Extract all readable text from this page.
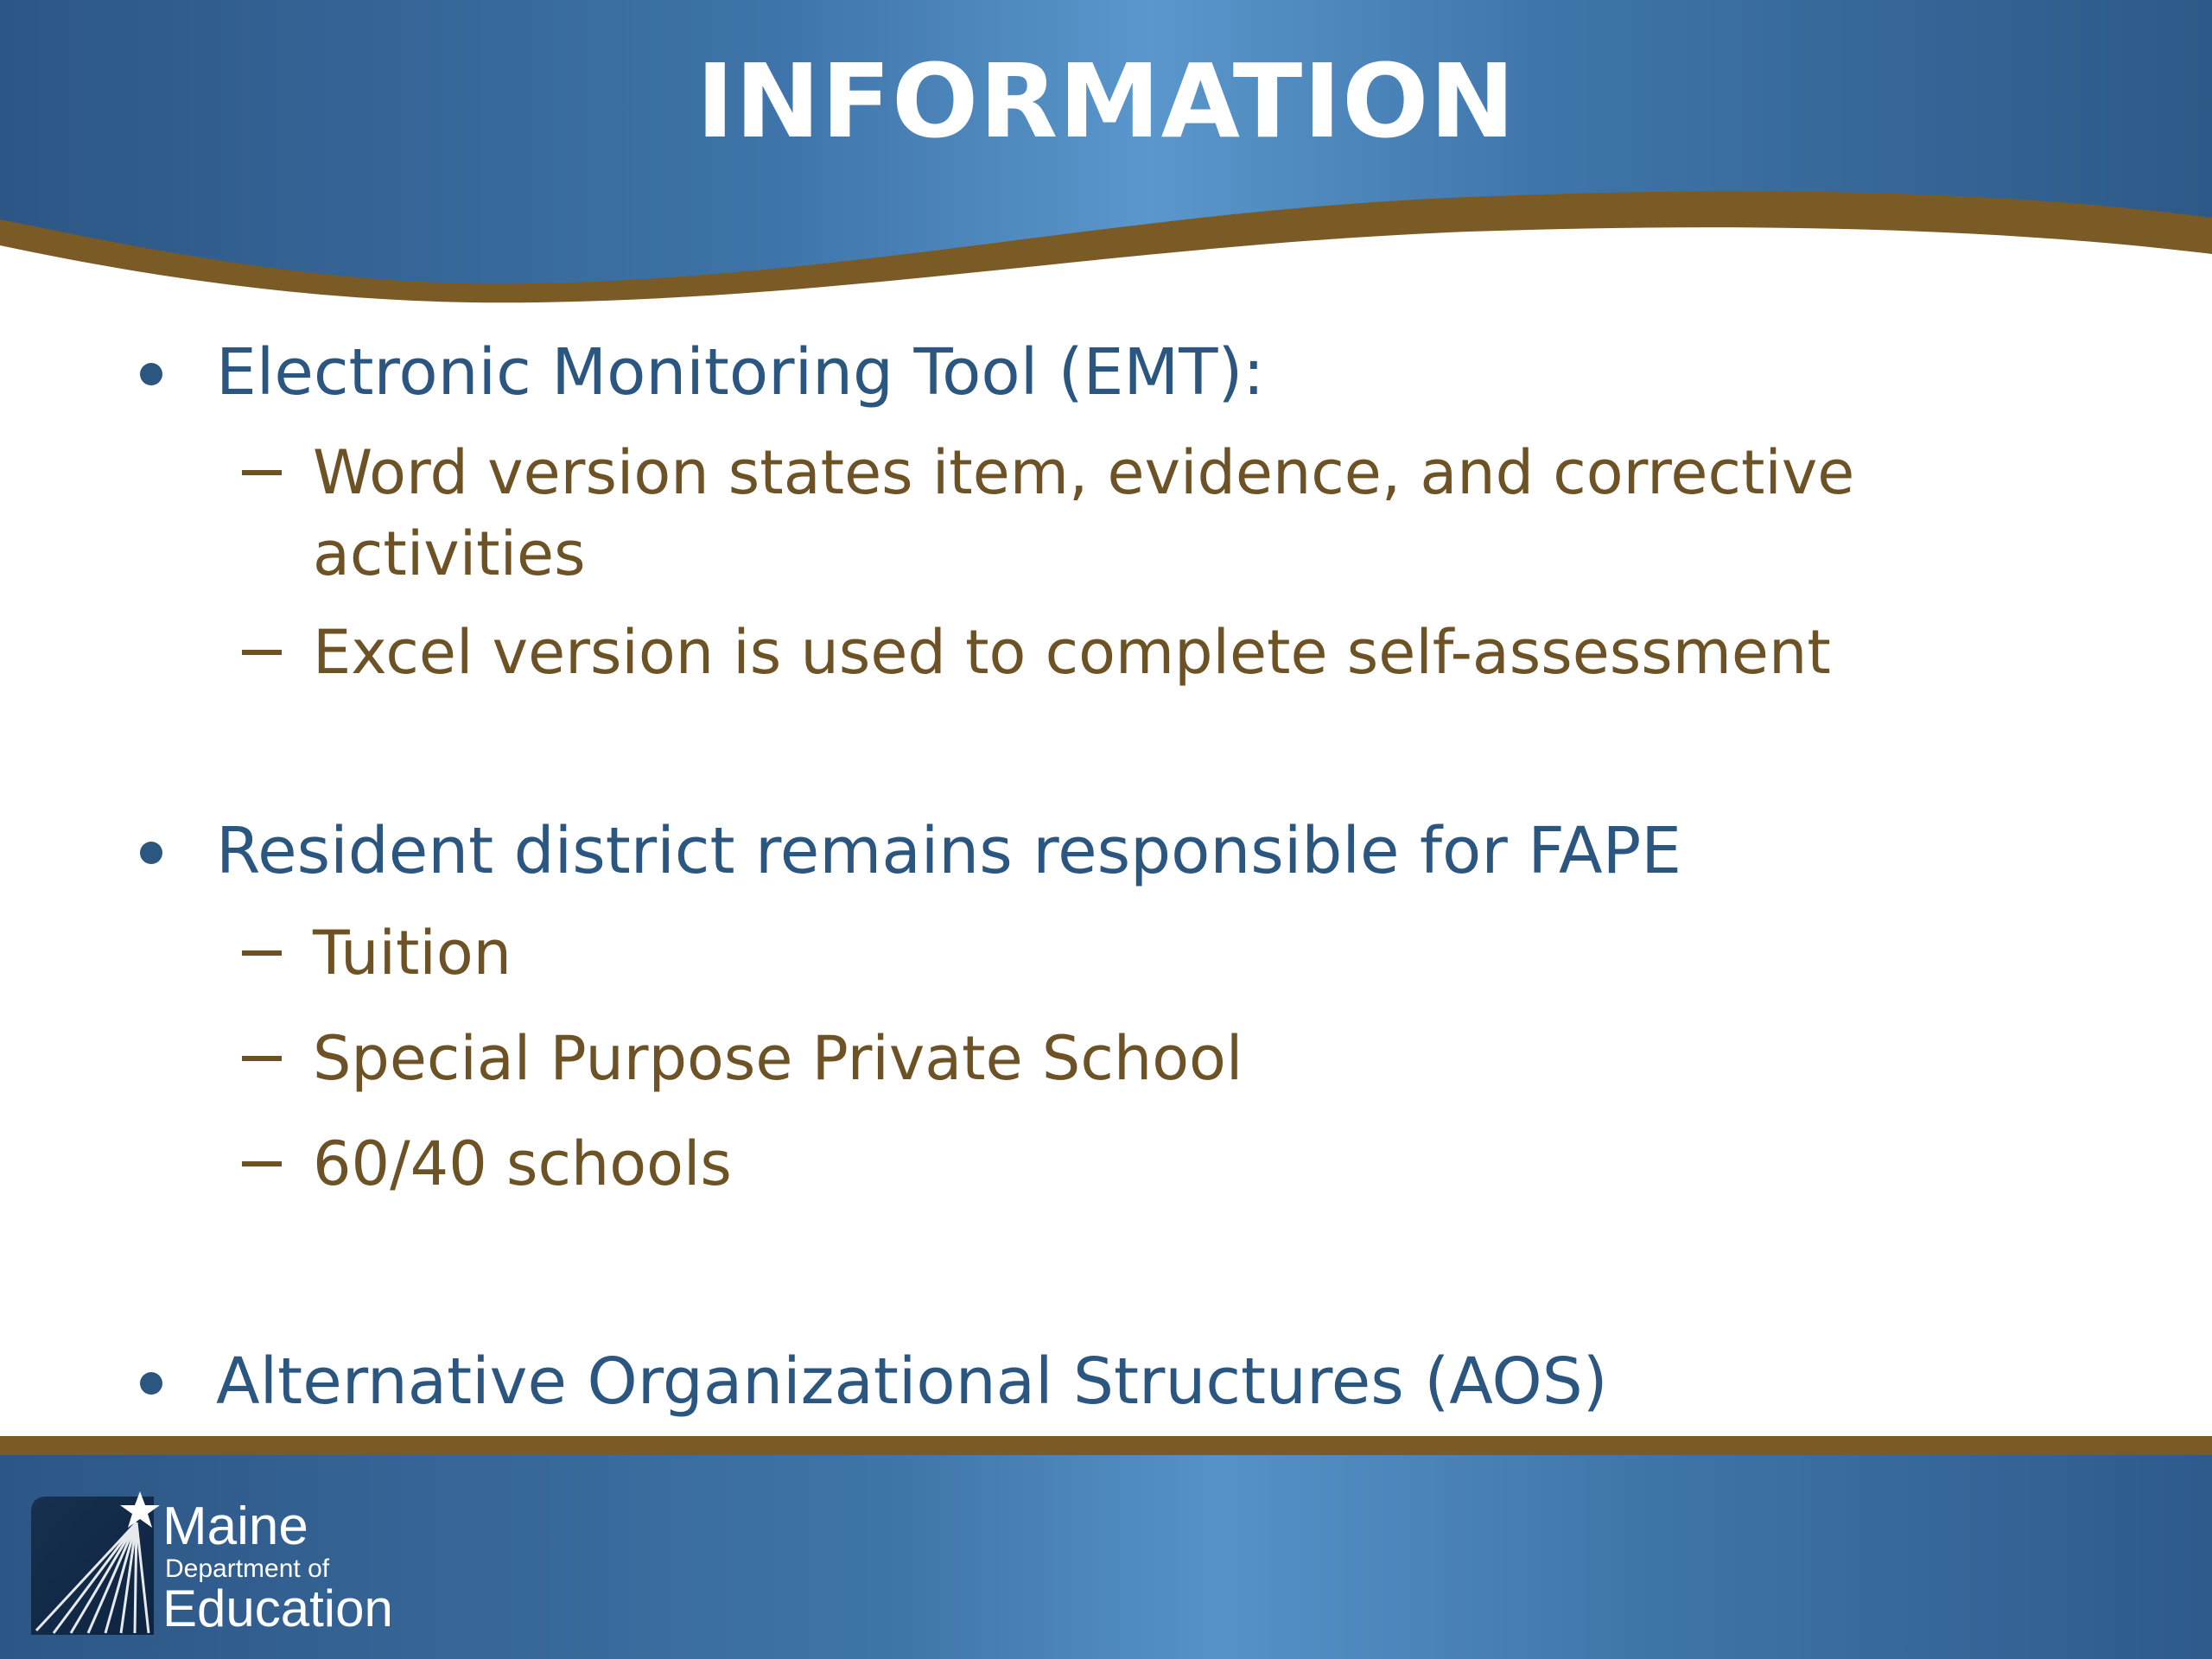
INFORMATION
Electronic Monitoring Tool (EMT):
Word version states item, evidence, and corrective activities
Excel version is used to complete self-assessment
Resident district remains responsible for FAPE
Tuition
Special Purpose Private School
60/40 schools
Alternative Organizational Structures (AOS)
Maine
Department of
Education
